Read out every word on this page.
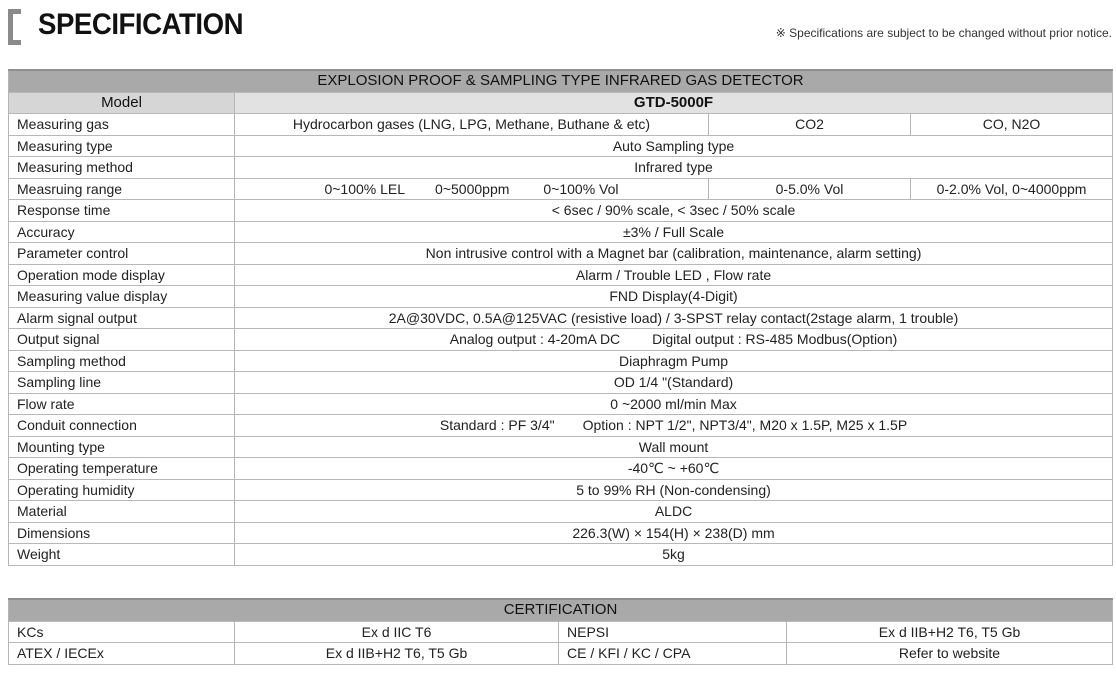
SPECIFICATION	※ Specifications are subject to be changed without prior notice.
EXPLOSION PROOF & SAMPLING TYPE INFRARED GAS DETECTOR			
Model	GTD-5000F		
Measuring gas	Hydrocarbon gases (LNG, LPG, Methane, Buthane & etc)	CO2	CO, N2O
Measuring type	Auto Sampling type		
Measuring method	Infrared type		
Measruing range	0~100% LEL 0~5000ppm 0~100% Vol	0-5.0% Vol	0-2.0% Vol, 0~4000ppm
Response time	< 6sec / 90% scale, < 3sec / 50% scale		
Accuracy	±3% / Full Scale		
Parameter control	Non intrusive control with a Magnet bar (calibration, maintenance, alarm setting)		
Operation mode display	Alarm / Trouble LED , Flow rate		
Measuring value display	FND Display(4-Digit)		
Alarm signal output	2A@30VDC, 0.5A@125VAC (resistive load) / 3-SPST relay contact(2stage alarm, 1 trouble)		
Output signal	Analog output : 4-20mA DC Digital output : RS-485 Modbus(Option)		
Sampling method	Diaphragm Pump		
Sampling line	OD 1/4 "(Standard)		
Flow rate	0 ~2000 ml/min Max		
Conduit connection	Standard : PF 3/4" Option : NPT 1/2", NPT3/4", M20 x 1.5P, M25 x 1.5P		
Mounting type	Wall mount		
Operating temperature	-40℃ ~ +60℃		
Operating humidity	5 to 99% RH (Non-condensing)		
Material	ALDC		
Dimensions	226.3(W) × 154(H) × 238(D) mm		
Weight	5kg		
CERTIFICATION			
KCs	Ex d IIC T6	NEPSI	Ex d IIB+H2 T6, T5 Gb
ATEX / IECEx	Ex d IIB+H2 T6, T5 Gb	CE / KFI / KC / CPA	Refer to website
